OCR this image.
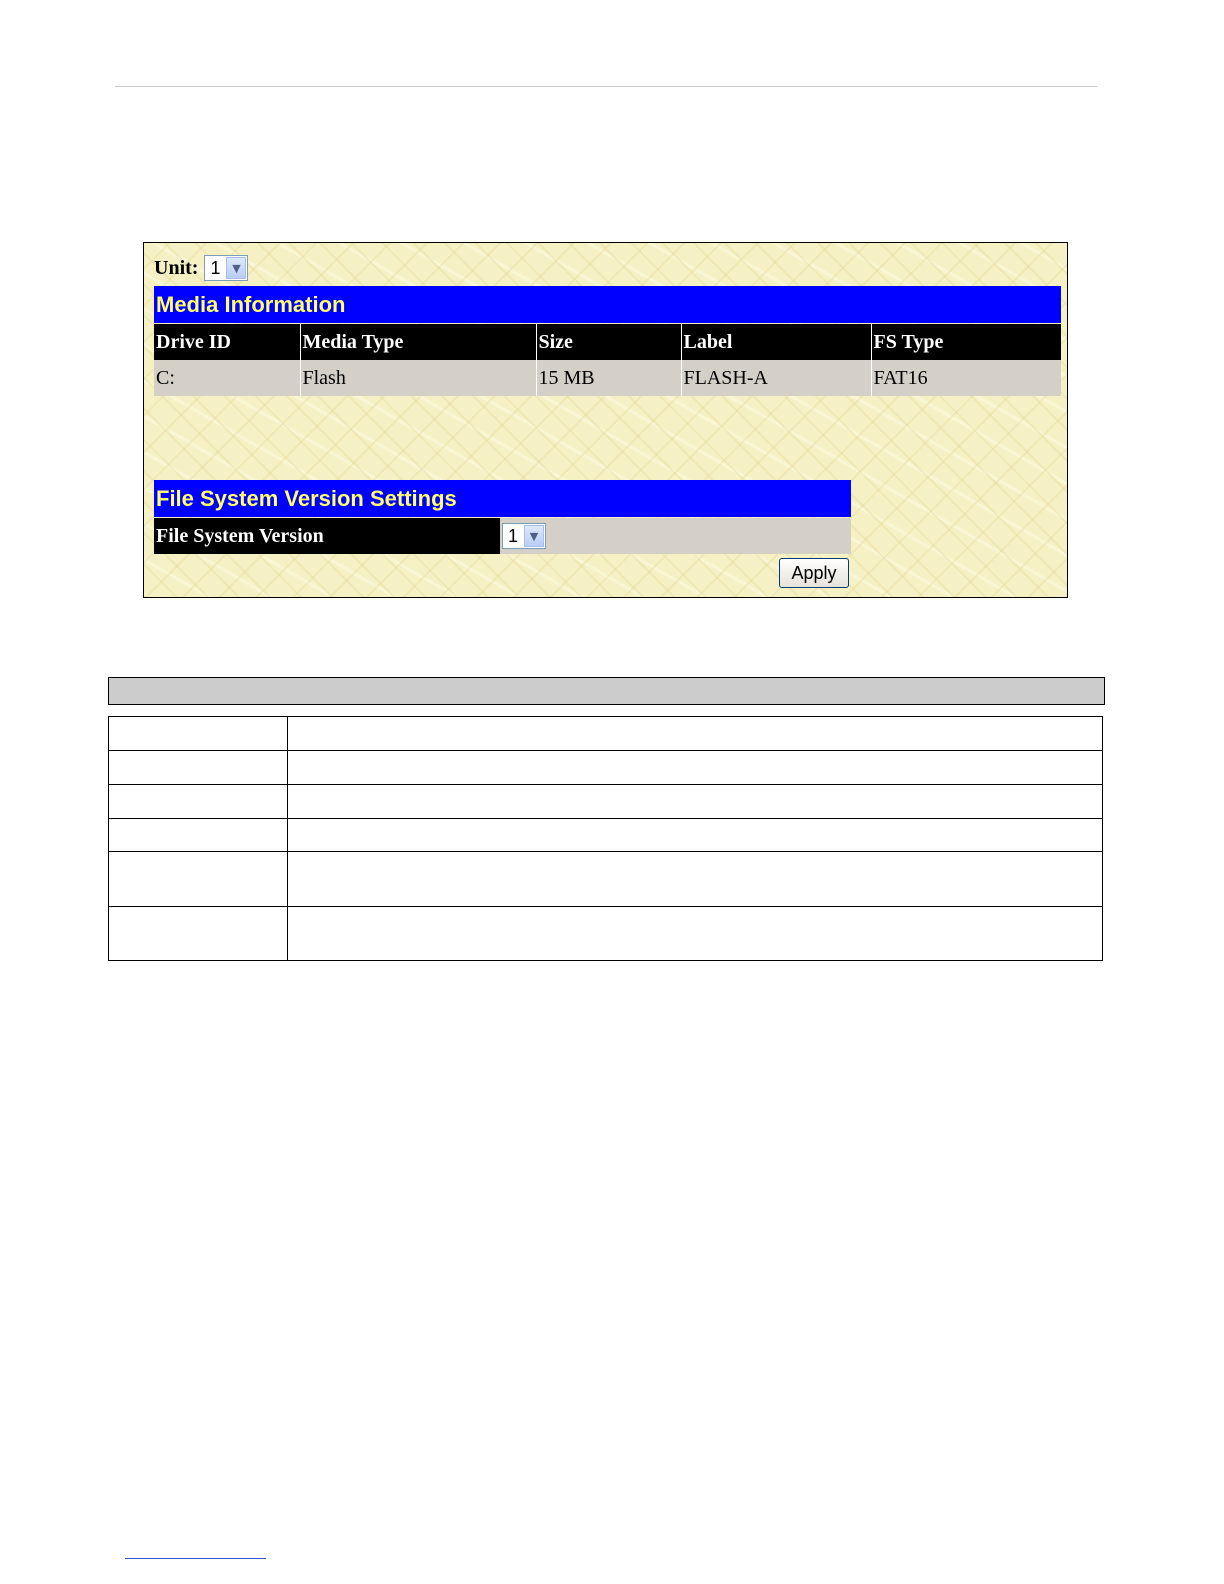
Unit: 1	▼
Media Information
Drive ID	Media Type	Size	Label	FS Type
C:	Flash	15 MB	FLASH-A	FAT16
File System Version Settings
File System Version	1	▼
Apply
